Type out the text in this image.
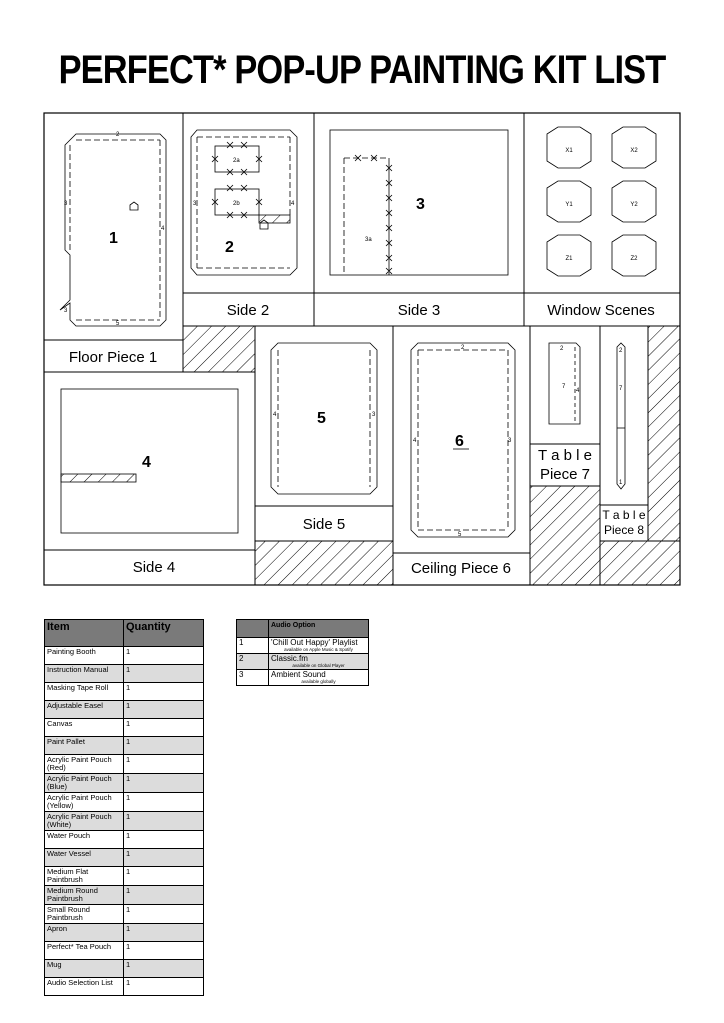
PERFECT* POP-UP PAINTING KIT LIST
1
2
3
4
5
3
Floor Piece 1
2a
2b
3	4
2
Side 2
3a
3
Side 3
X1	X2
Y1	Y2
Z1	Z2
Window Scenes
4
Side 4
4	3
5
Side 5
2
4	3
5
6
Ceiling Piece 6
2
4
7
T a b l e
Piece 7
2
7
1
T a b l e
Piece 8
Item	Quantity
Painting Booth	1
Instruction Manual	1
Masking Tape Roll	1
Adjustable Easel	1
Canvas	1
Paint Pallet	1
Acrylic Paint Pouch (Red)	1
Acrylic Paint Pouch (Blue)	1
Acrylic Paint Pouch (Yellow)	1
Acrylic Paint Pouch (White)	1
Water Pouch	1
Water Vessel	1
Medium Flat Paintbrush	1
Medium Round Paintbrush	1
Small Round Paintbrush	1
Apron	1
Perfect* Tea Pouch	1
Mug	1
Audio Selection List	1
	Audio Option
1	'Chill Out Happy' Playlist
available on Apple Music & Spotify

2	Classic.fm
available on Global Player

3	Ambient Sound
available globally
